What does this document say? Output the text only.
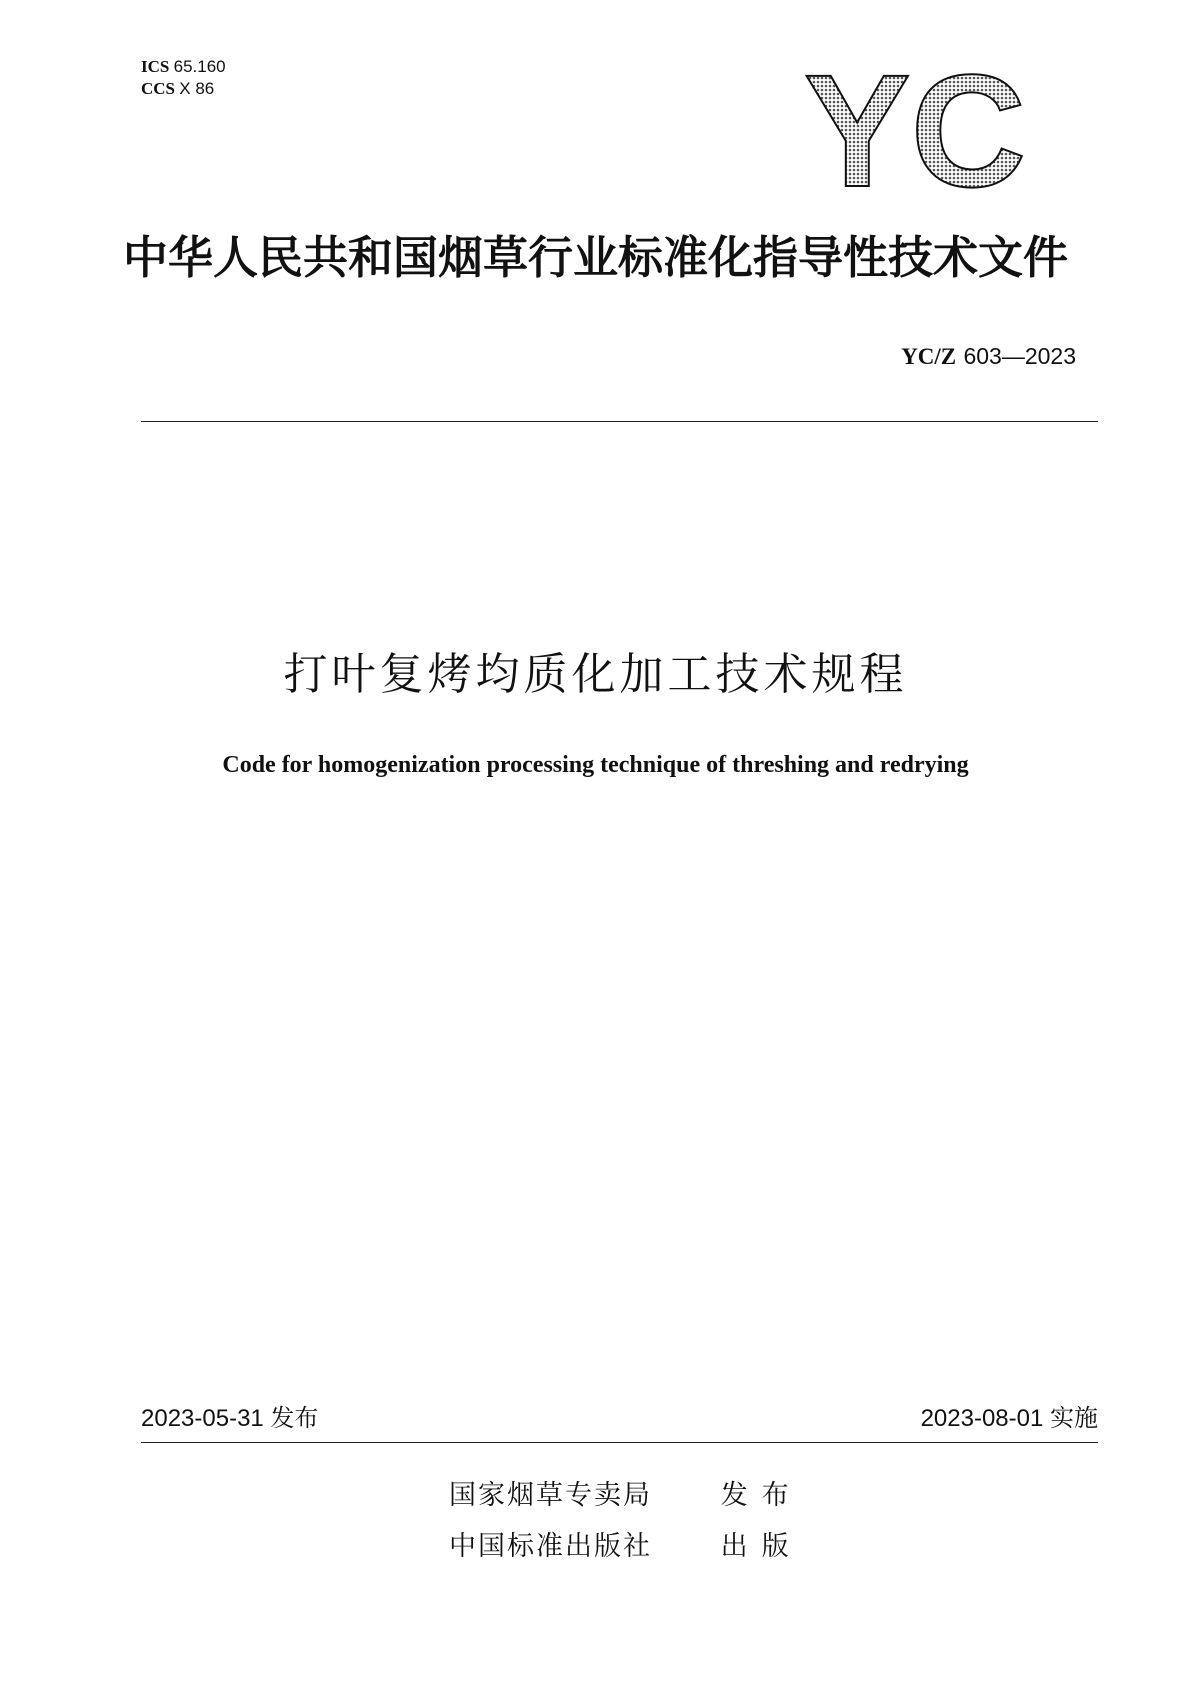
ICS 65.160
CCS X 86	YC
中华人民共和国烟草行业标准化指导性技术文件
YC/Z 603—2023
打叶复烤均质化加工技术规程
Code for homogenization processing technique of threshing and redrying
2023-05-31 发布	2023-08-01 实施
国家烟草专卖局	发布
中国标准出版社	出版
